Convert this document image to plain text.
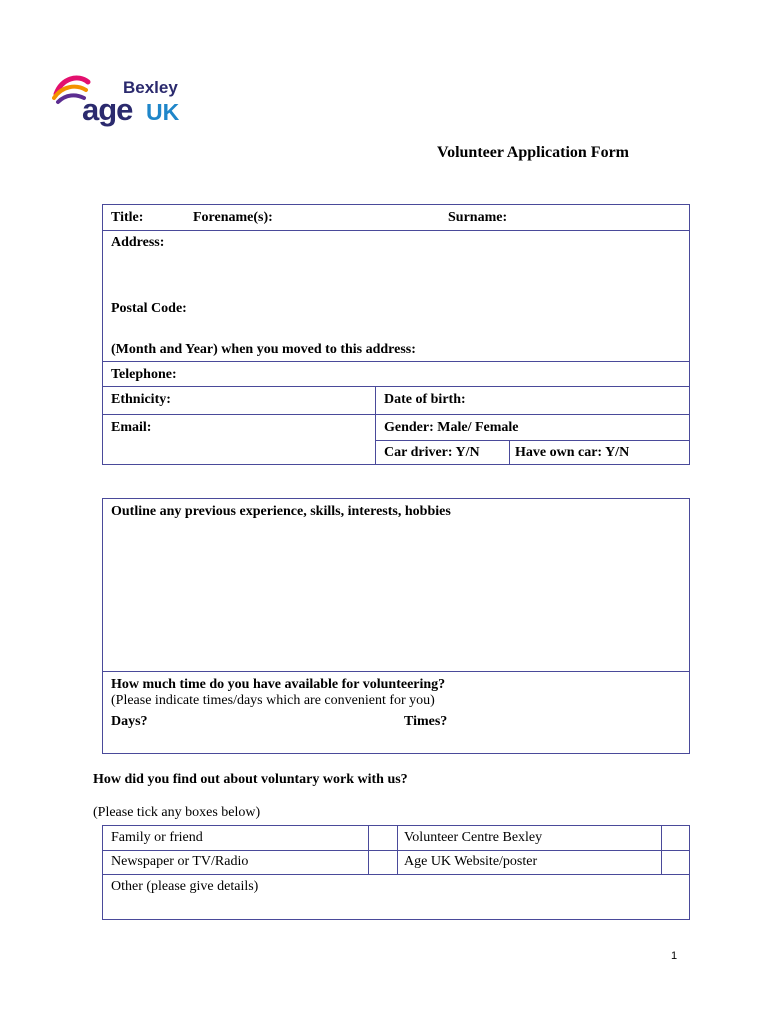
Bexley
age UK
Volunteer Application Form
Title:	Forename(s):	Surname:
Address:
Postal Code:
(Month and Year) when you moved to this address:
Telephone:
Ethnicity:	Date of birth:
Email:	Gender: Male/ Female
Car driver: Y/N	Have own car: Y/N
Outline any previous experience, skills, interests, hobbies
How much time do you have available for volunteering?
(Please indicate times/days which are convenient for you)
Days?	Times?
How did you find out about voluntary work with us?
(Please tick any boxes below)
Family or friend	Volunteer Centre Bexley
Newspaper or TV/Radio	Age UK Website/poster
Other (please give details)
1
